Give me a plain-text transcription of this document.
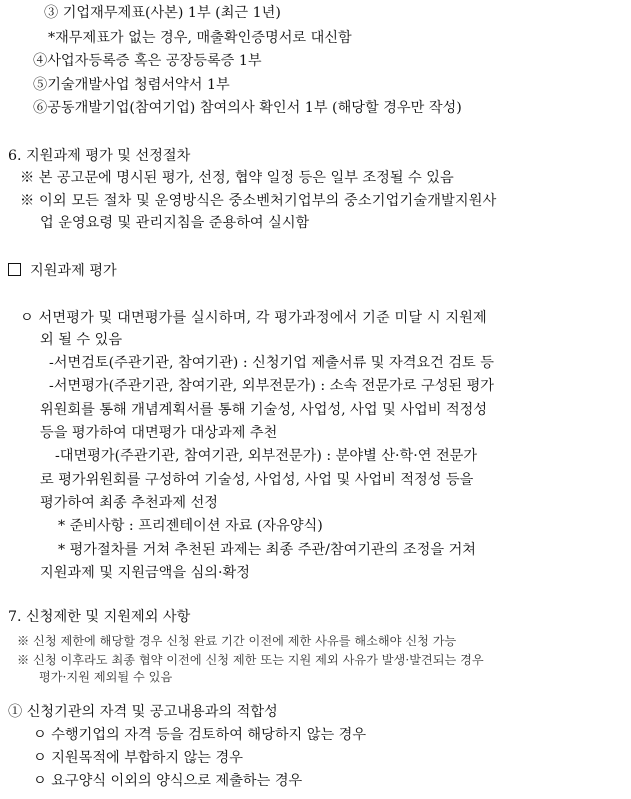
③ 기업재무제표(사본) 1부 (최근 1년)
*재무제표가 없는 경우, 매출확인증명서로 대신함
④사업자등록증 혹은 공장등록증 1부
⑤기술개발사업 청렴서약서 1부
⑥공동개발기업(참여기업) 참여의사 확인서 1부 (해당할 경우만 작성)
6. 지원과제 평가 및 선정절차
※ 본 공고문에 명시된 평가, 선정, 협약 일정 등은 일부 조정될 수 있음
※ 이외 모든 절차 및 운영방식은 중소벤처기업부의 중소기업기술개발지원사
업 운영요령 및 관리지침을 준용하여 실시함
지원과제 평가
ㅇ 서면평가 및 대면평가를 실시하며, 각 평가과정에서 기준 미달 시 지원제
외 될 수 있음
-서면검토(주관기관, 참여기관) : 신청기업 제출서류 및 자격요건 검토 등
-서면평가(주관기관, 참여기관, 외부전문가) : 소속 전문가로 구성된 평가
위원회를 통해 개념계획서를 통해 기술성, 사업성, 사업 및 사업비 적정성
등을 평가하여 대면평가 대상과제 추천
-대면평가(주관기관, 참여기관, 외부전문가) : 분야별 산·학·연 전문가
로 평가위원회를 구성하여 기술성, 사업성, 사업 및 사업비 적정성 등을
평가하여 최종 추천과제 선정
* 준비사항 : 프리젠테이션 자료 (자유양식)
* 평가절차를 거쳐 추천된 과제는 최종 주관/참여기관의 조정을 거쳐
지원과제 및 지원금액을 심의·확정
7. 신청제한 및 지원제외 사항
※ 신청 제한에 해당할 경우 신청 완료 기간 이전에 제한 사유를 해소해야 신청 가능
※ 신청 이후라도 최종 협약 이전에 신청 제한 또는 지원 제외 사유가 발생·발견되는 경우
평가·지원 제외될 수 있음
① 신청기관의 자격 및 공고내용과의 적합성
ㅇ 수행기업의 자격 등을 검토하여 해당하지 않는 경우
ㅇ 지원목적에 부합하지 않는 경우
ㅇ 요구양식 이외의 양식으로 제출하는 경우
